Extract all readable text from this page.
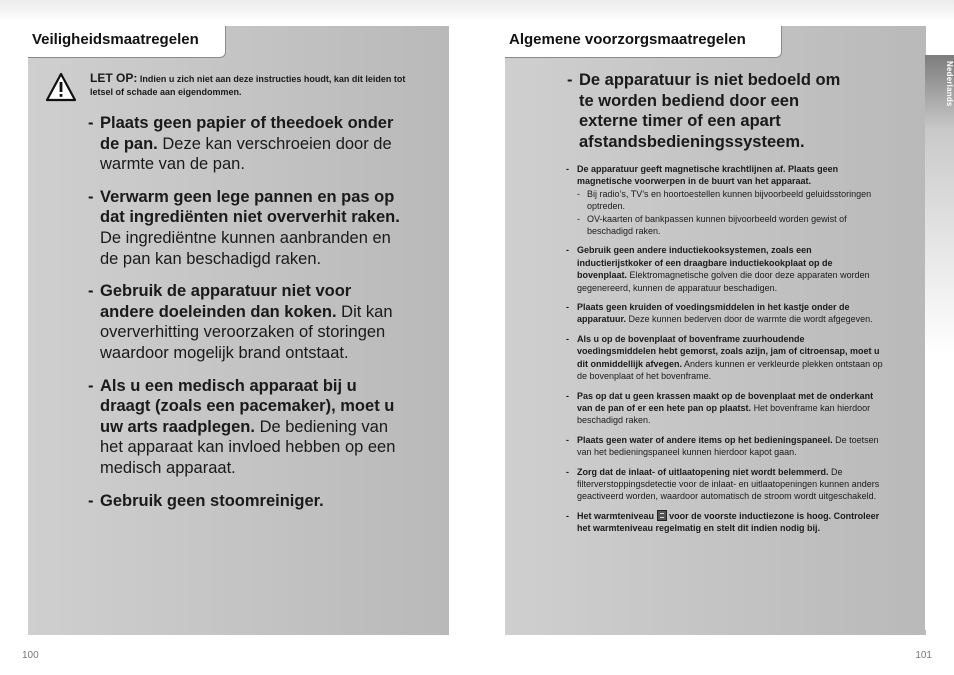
Veiligheidsmaatregelen
100
Algemene voorzorgsmaatregelen
Nederlands
101
LET OP: Indien u zich niet aan deze instructies houdt, kan dit leiden tot letsel of schade aan eigendommen.
- Plaats geen papier of theedoek onder de pan. Deze kan verschroeien door de warmte van de pan.
- Verwarm geen lege pannen en pas op dat ingrediënten niet oververhit raken. De ingrediëntne kunnen aanbranden en de pan kan beschadigd raken.
- Gebruik de apparatuur niet voor andere doeleinden dan koken. Dit kan oververhitting veroorzaken of storingen waardoor mogelijk brand ontstaat.
- Als u een medisch apparaat bij u draagt (zoals een pacemaker), moet u uw arts raadplegen. De bediening van het apparaat kan invloed hebben op een medisch apparaat.
- Gebruik geen stoomreiniger.
- De apparatuur is niet bedoeld om te worden bediend door een externe timer of een apart afstandsbedieningssysteem.
- De apparatuur geeft magnetische krachtlijnen af. Plaats geen magnetische voorwerpen in de buurt van het apparaat.
- Bij radio’s, TV’s en hoortoestellen kunnen bijvoorbeeld geluidsstoringen optreden.
- OV-kaarten of bankpassen kunnen bijvoorbeeld worden gewist of beschadigd raken.
- Gebruik geen andere inductiekooksystemen, zoals een inductierijstkoker of een draagbare inductiekookplaat op de bovenplaat. Elektromagnetische golven die door deze apparaten worden gegenereerd, kunnen de apparatuur beschadigen.
- Plaats geen kruiden of voedingsmiddelen in het kastje onder de apparatuur. Deze kunnen bederven door de warmte die wordt afgegeven.
- Als u op de bovenplaat of bovenframe zuurhoudende voedingsmiddelen hebt gemorst, zoals azijn, jam of citroensap, moet u dit onmiddellijk afvegen. Anders kunnen er verkleurde plekken ontstaan op de bovenplaat of het bovenframe.
- Pas op dat u geen krassen maakt op de bovenplaat met de onderkant van de pan of er een hete pan op plaatst. Het bovenframe kan hierdoor beschadigd raken.
- Plaats geen water of andere items op het bedieningspaneel. De toetsen van het bedieningspaneel kunnen hierdoor kapot gaan.
- Zorg dat de inlaat- of uitlaatopening niet wordt belemmerd. De filterverstoppingsdetectie voor de inlaat- en uitlaatopeningen kunnen anders geactiveerd worden, waardoor automatisch de stroom wordt uitgeschakeld.
- Het warmteniveau voor de voorste inductiezone is hoog. Controleer het warmteniveau regelmatig en stelt dit indien nodig bij.
